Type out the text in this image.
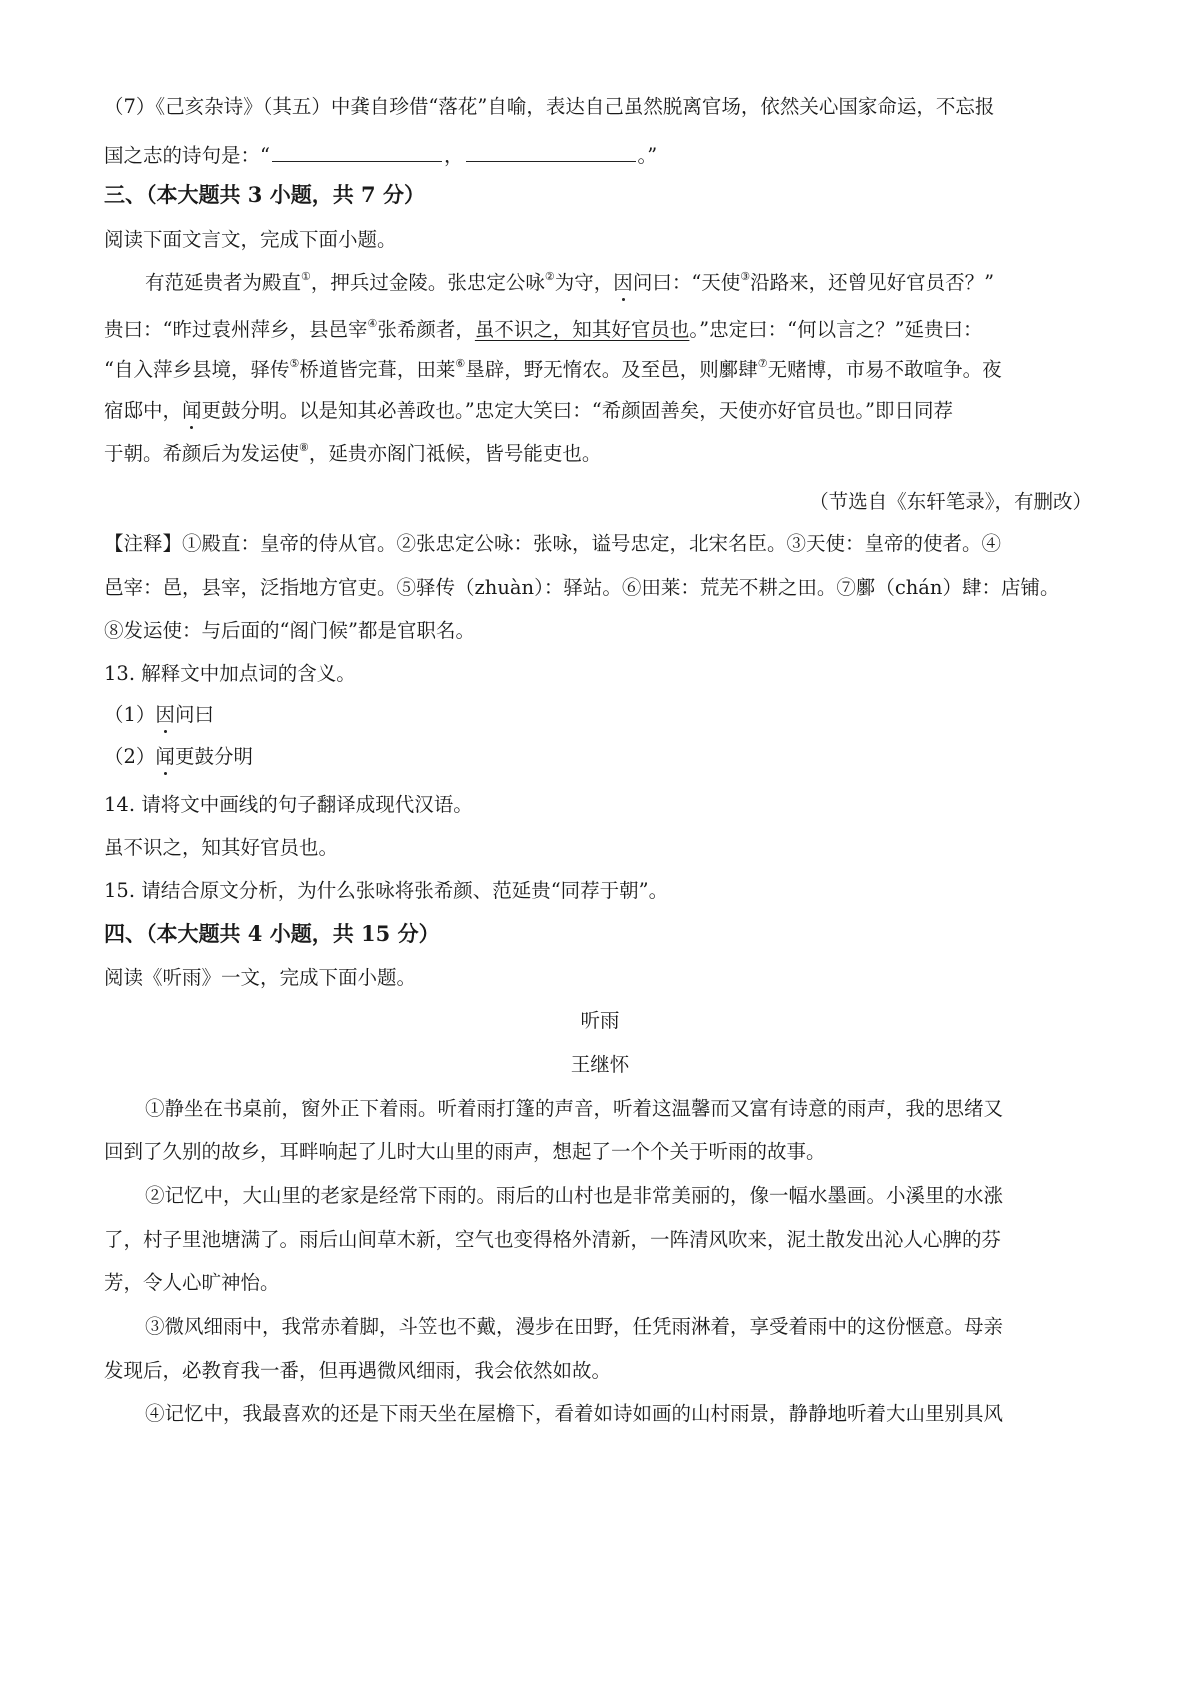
（7）《己亥杂诗》（其五）中龚自珍借“落花”自喻，表达自己虽然脱离官场，依然关心国家命运，不忘报
国之志的诗句是：“	，	。”
三、（本大题共 3 小题，共 7 分）
阅读下面文言文，完成下面小题。
有范延贵者为殿直①，押兵过金陵。张忠定公咏②为守，因问曰：“天使③沿路来，还曾见好官员否？”
贵曰：“昨过袁州萍乡，县邑宰④张希颜者，虽不识之，知其好官员也。”忠定曰：“何以言之？”延贵曰：
“自入萍乡县境，驿传⑤桥道皆完葺，田莱⑥垦辟，野无惰农。及至邑，则鄽肆⑦无赌博，市易不敢喧争。夜
宿邸中，闻更鼓分明。以是知其必善政也。”忠定大笑曰：“希颜固善矣，天使亦好官员也。”即日同荐
于朝。希颜后为发运使⑧，延贵亦阁门祗候，皆号能吏也。
（节选自《东轩笔录》，有删改）
【注释】①殿直：皇帝的侍从官。②张忠定公咏：张咏，谥号忠定，北宋名臣。③天使：皇帝的使者。④
邑宰：邑，县宰，泛指地方官吏。⑤驿传（zhuàn）：驿站。⑥田莱：荒芜不耕之田。⑦鄽（chán）肆：店铺。
⑧发运使：与后面的“阁门候”都是官职名。
13. 解释文中加点词的含义。
（1）因问曰
（2）闻更鼓分明
14. 请将文中画线的句子翻译成现代汉语。
虽不识之，知其好官员也。
15. 请结合原文分析，为什么张咏将张希颜、范延贵“同荐于朝”。
四、（本大题共 4 小题，共 15 分）
阅读《听雨》一文，完成下面小题。
听雨
王继怀
①静坐在书桌前，窗外正下着雨。听着雨打篷的声音，听着这温馨而又富有诗意的雨声，我的思绪又
回到了久别的故乡，耳畔响起了儿时大山里的雨声，想起了一个个关于听雨的故事。
②记忆中，大山里的老家是经常下雨的。雨后的山村也是非常美丽的，像一幅水墨画。小溪里的水涨
了，村子里池塘满了。雨后山间草木新，空气也变得格外清新，一阵清风吹来，泥土散发出沁人心脾的芬
芳，令人心旷神怡。
③微风细雨中，我常赤着脚，斗笠也不戴，漫步在田野，任凭雨淋着，享受着雨中的这份惬意。母亲
发现后，必教育我一番，但再遇微风细雨，我会依然如故。
④记忆中，我最喜欢的还是下雨天坐在屋檐下，看着如诗如画的山村雨景，静静地听着大山里别具风
